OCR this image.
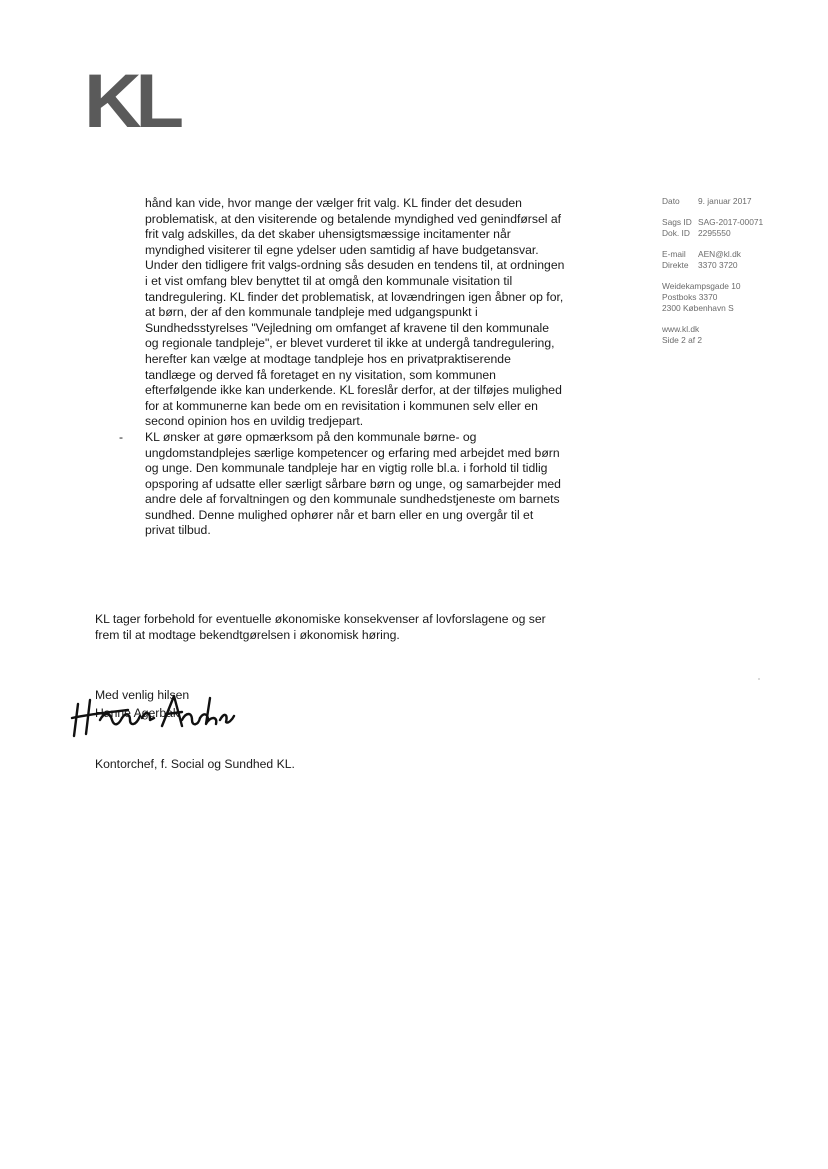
KL

hånd kan vide, hvor mange der vælger frit valg. KL finder det desuden problematisk, at den visiterende og betalende myndighed ved genindførsel af frit valg adskilles, da det skaber uhensigtsmæssige incitamenter når myndighed visiterer til egne ydelser uden samtidig af have budgetansvar. Under den tidligere frit valgs-ordning sås desuden en tendens til, at ordningen i et vist omfang blev benyttet til at omgå den kommunale visitation til tandregulering. KL finder det problematisk, at lovændringen igen åbner op for, at børn, der af den kommunale tandpleje med udgangspunkt i Sundhedsstyrelses "Vejledning om omfanget af kravene til den kommunale og regionale tandpleje", er blevet vurderet til ikke at undergå tandregulering, herefter kan vælge at modtage tandpleje hos en privatpraktiserende tandlæge og derved få foretaget en ny visitation, som kommunen efterfølgende ikke kan underkende. KL foreslår derfor, at der tilføjes mulighed for at kommunerne kan bede om en revisitation i kommunen selv eller en second opinion hos en uvildig tredjepart.

- KL ønsker at gøre opmærksom på den kommunale børne- og ungdomstandplejes særlige kompetencer og erfaring med arbejdet med børn og unge. Den kommunale tandpleje har en vigtig rolle bl.a. i forhold til tidlig opsporing af udsatte eller særligt sårbare børn og unge, og samarbejder med andre dele af forvaltningen og den kommunale sundhedstjeneste om barnets sundhed. Denne mulighed ophører når et barn eller en ung overgår til et privat tilbud.

KL tager forbehold for eventuelle økonomiske konsekvenser af lovforslagene og ser frem til at modtage bekendtgørelsen i økonomisk høring.
Med venlig hilsen
Hanne Agerbak
Kontorchef, f. Social og Sundhed KL.
Dato 9. januar 2017
Sags ID SAG-2017-00071
Dok. ID 2295550
E-mail AEN@kl.dk
Direkte 3370 3720
Weidekampsgade 10
Postboks 3370
2300 København S
www.kl.dk
Side 2 af 2
